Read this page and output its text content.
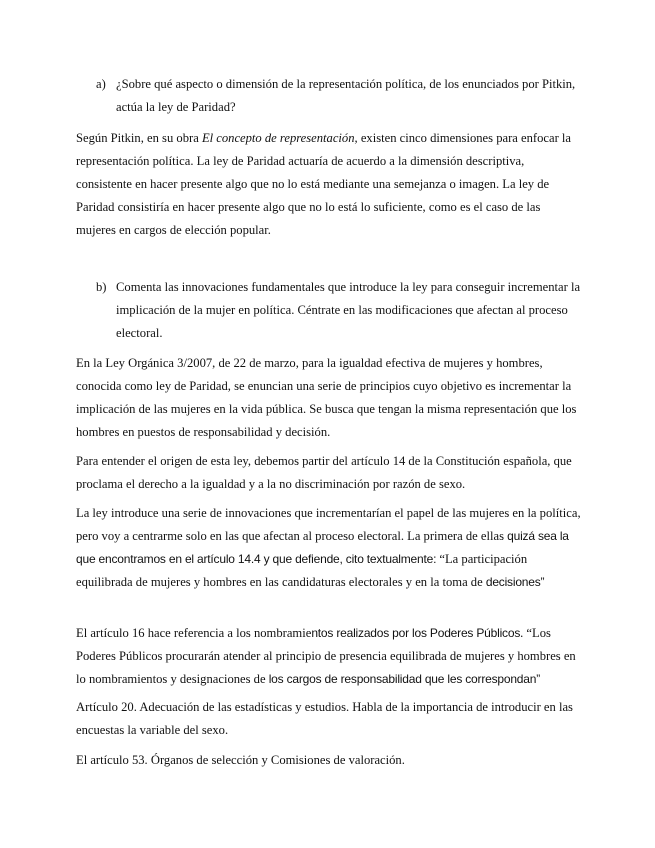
a) ¿Sobre qué aspecto o dimensión de la representación política, de los enunciados por Pitkin, actúa la ley de Paridad?

Según Pitkin, en su obra El concepto de representación, existen cinco dimensiones para enfocar la representación política. La ley de Paridad actuaría de acuerdo a la dimensión descriptiva, consistente en hacer presente algo que no lo está mediante una semejanza o imagen. La ley de Paridad consistiría en hacer presente algo que no lo está lo suficiente, como es el caso de las mujeres en cargos de elección popular.

b) Comenta las innovaciones fundamentales que introduce la ley para conseguir incrementar la implicación de la mujer en política. Céntrate en las modificaciones que afectan al proceso electoral.

En la Ley Orgánica 3/2007, de 22 de marzo, para la igualdad efectiva de mujeres y hombres, conocida como ley de Paridad, se enuncian una serie de principios cuyo objetivo es incrementar la implicación de las mujeres en la vida pública. Se busca que tengan la misma representación que los hombres en puestos de responsabilidad y decisión.

Para entender el origen de esta ley, debemos partir del artículo 14 de la Constitución española, que proclama el derecho a la igualdad y a la no discriminación por razón de sexo.

La ley introduce una serie de innovaciones que incrementarían el papel de las mujeres en la política, pero voy a centrarme solo en las que afectan al proceso electoral. La primera de ellas quizá sea la que encontramos en el artículo 14.4 y que defiende, cito textualmente: “La participación equilibrada de mujeres y hombres en las candidaturas electorales y en la toma de decisiones”

El artículo 16 hace referencia a los nombramientos realizados por los Poderes Públicos. “Los Poderes Públicos procurarán atender al principio de presencia equilibrada de mujeres y hombres en lo nombramientos y designaciones de los cargos de responsabilidad que les correspondan”

Artículo 20. Adecuación de las estadísticas y estudios. Habla de la importancia de introducir en las encuestas la variable del sexo.

El artículo 53. Órganos de selección y Comisiones de valoración.
